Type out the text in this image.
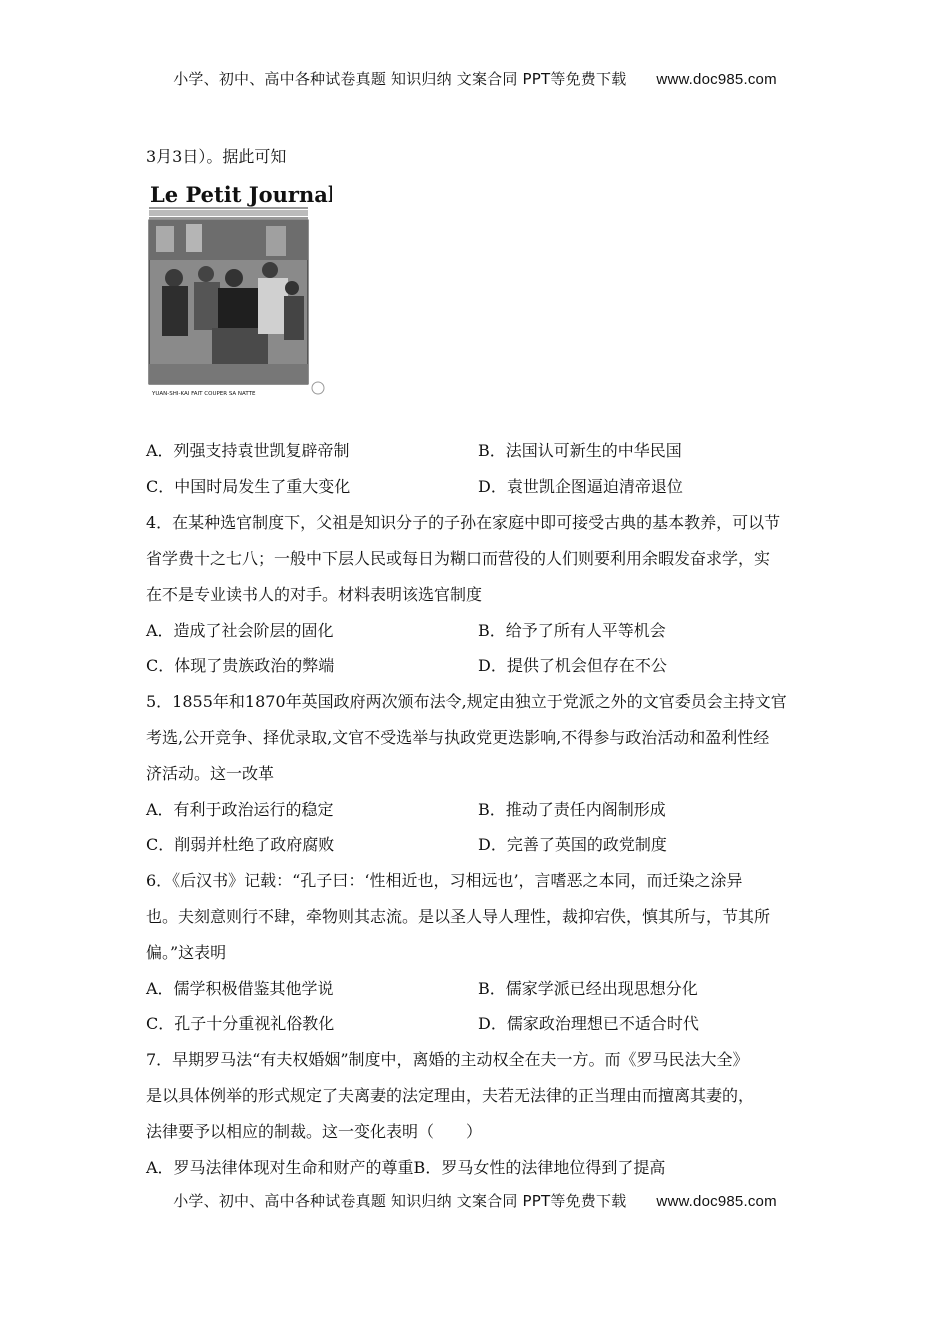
小学、初中、高中各种试卷真题 知识归纳 文案合同 PPT等免费下载 www.doc985.com
3月3日）。据此可知
Le Petit Journal
YUAN-SHI-KAI FAIT COUPER SA NATTE
A．列强支持袁世凯复辟帝制	B．法国认可新生的中华民国
C．中国时局发生了重大变化	D．袁世凯企图逼迫清帝退位
4．在某种选官制度下，父祖是知识分子的子孙在家庭中即可接受古典的基本教养，可以节
省学费十之七八；一般中下层人民或每日为糊口而营役的人们则要利用余暇发奋求学，实
在不是专业读书人的对手。材料表明该选官制度
A．造成了社会阶层的固化	B．给予了所有人平等机会
C．体现了贵族政治的弊端	D．提供了机会但存在不公
5．1855年和1870年英国政府两次颁布法令,规定由独立于党派之外的文官委员会主持文官
考选,公开竞争、择优录取,文官不受选举与执政党更迭影响,不得参与政治活动和盈利性经
济活动。这一改革
A．有利于政治运行的稳定	B．推动了责任内阁制形成
C．削弱并杜绝了政府腐败	D．完善了英国的政党制度
6．《后汉书》记载：“孔子曰：‘性相近也，习相远也’，言嗜恶之本同，而迁染之涂异
也。夫刻意则行不肆，牵物则其志流。是以圣人导人理性，裁抑宕佚，慎其所与，节其所
偏。”这表明
A．儒学积极借鉴其他学说	B．儒家学派已经出现思想分化
C．孔子十分重视礼俗教化	D．儒家政治理想已不适合时代
7．早期罗马法“有夫权婚姻”制度中，离婚的主动权全在夫一方。而《罗马民法大全》
是以具体例举的形式规定了夫离妻的法定理由，夫若无法律的正当理由而擅离其妻的，
法律要予以相应的制裁。这一变化表明（　　）
A．罗马法律体现对生命和财产的尊重B．罗马女性的法律地位得到了提高
小学、初中、高中各种试卷真题 知识归纳 文案合同 PPT等免费下载 www.doc985.com
